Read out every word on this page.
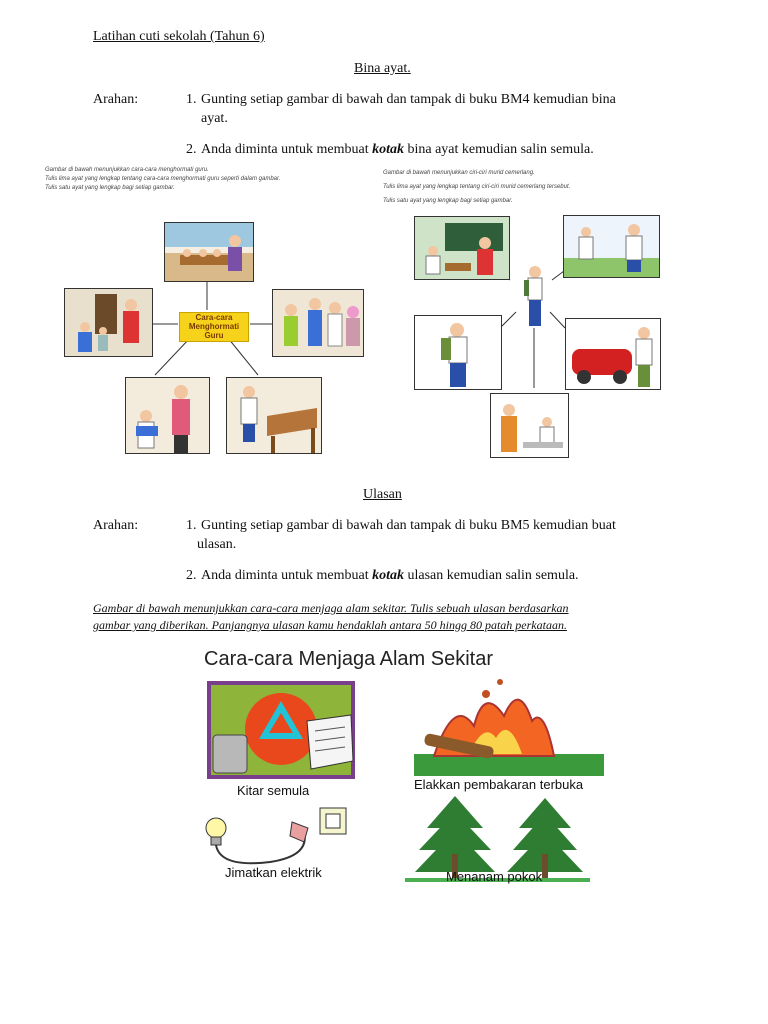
Latihan cuti sekolah (Tahun 6)
Bina ayat.
Arahan:	1. Gunting setiap gambar di bawah dan tampak di buku BM4 kemudian bina
ayat.
2. Anda diminta untuk membuat kotak bina ayat kemudian salin semula.
Gambar di bawah menunjukkan cara-cara menghormati guru.
Tulis lima ayat yang lengkap tentang cara-cara menghormati guru seperti dalam gambar.
Tulis satu ayat yang lengkap bagi setiap gambar.
Cara-cara
Menghormati
Guru
Gambar di bawah menunjukkan ciri-ciri murid cemerlang.
Tulis lima ayat yang lengkap tentang ciri-ciri murid cemerlang tersebut.
Tulis satu ayat yang lengkap bagi setiap gambar.
Ulasan
Arahan:	1. Gunting setiap gambar di bawah dan tampak di buku BM5 kemudian buat
ulasan.
2. Anda diminta untuk membuat kotak ulasan kemudian salin semula.
Gambar di bawah menunjukkan cara-cara menjaga alam sekitar. Tulis sebuah ulasan berdasarkan
gambar yang diberikan. Panjangnya ulasan kamu hendaklah antara 50 hingg 80 patah perkataan.
Cara-cara Menjaga Alam Sekitar
Kitar semula	Elakkan pembakaran terbuka
Jimatkan elektrik	Menanam pokok
